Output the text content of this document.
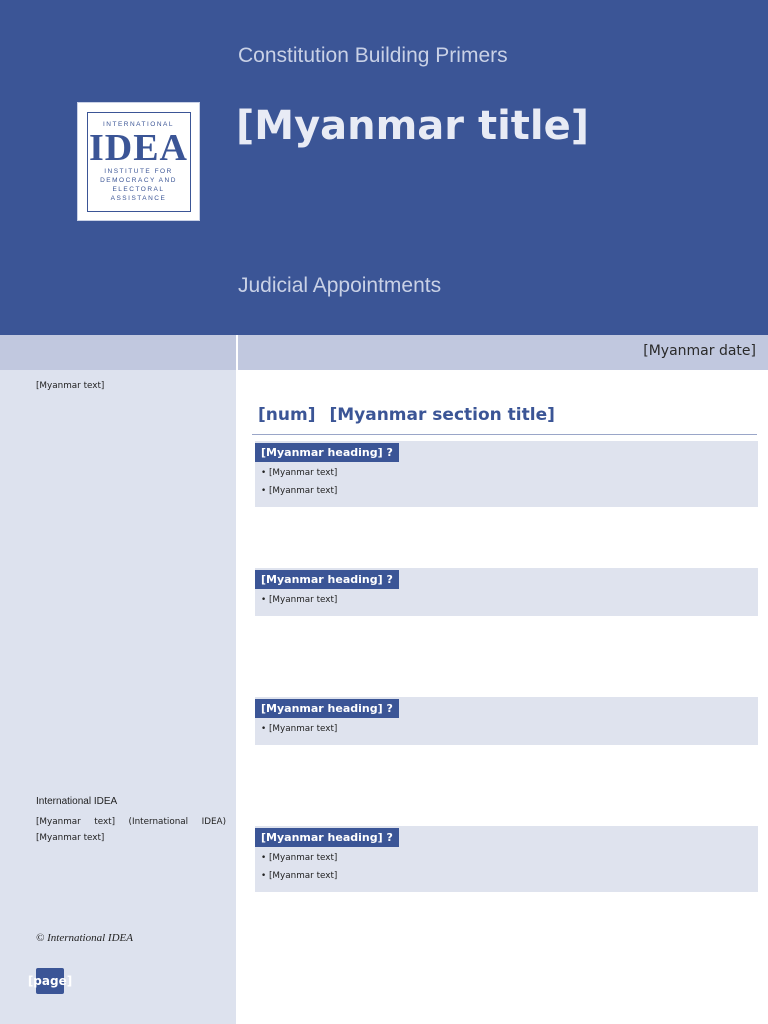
Constitution Building Primers
INTERNATIONAL
IDEA
INSTITUTE FOR DEMOCRACY AND ELECTORAL ASSISTANCE
[Myanmar title]
Judicial Appointments
[Myanmar date]
[Myanmar text]
International IDEA
[Myanmar text] (International IDEA) [Myanmar text]
© International IDEA
[page]
[num] [Myanmar section title]
[Myanmar heading] ?
• [Myanmar text]
• [Myanmar text]
[Myanmar heading] ?
• [Myanmar text]
[Myanmar heading] ?
• [Myanmar text]
[Myanmar heading] ?
• [Myanmar text]
• [Myanmar text]
